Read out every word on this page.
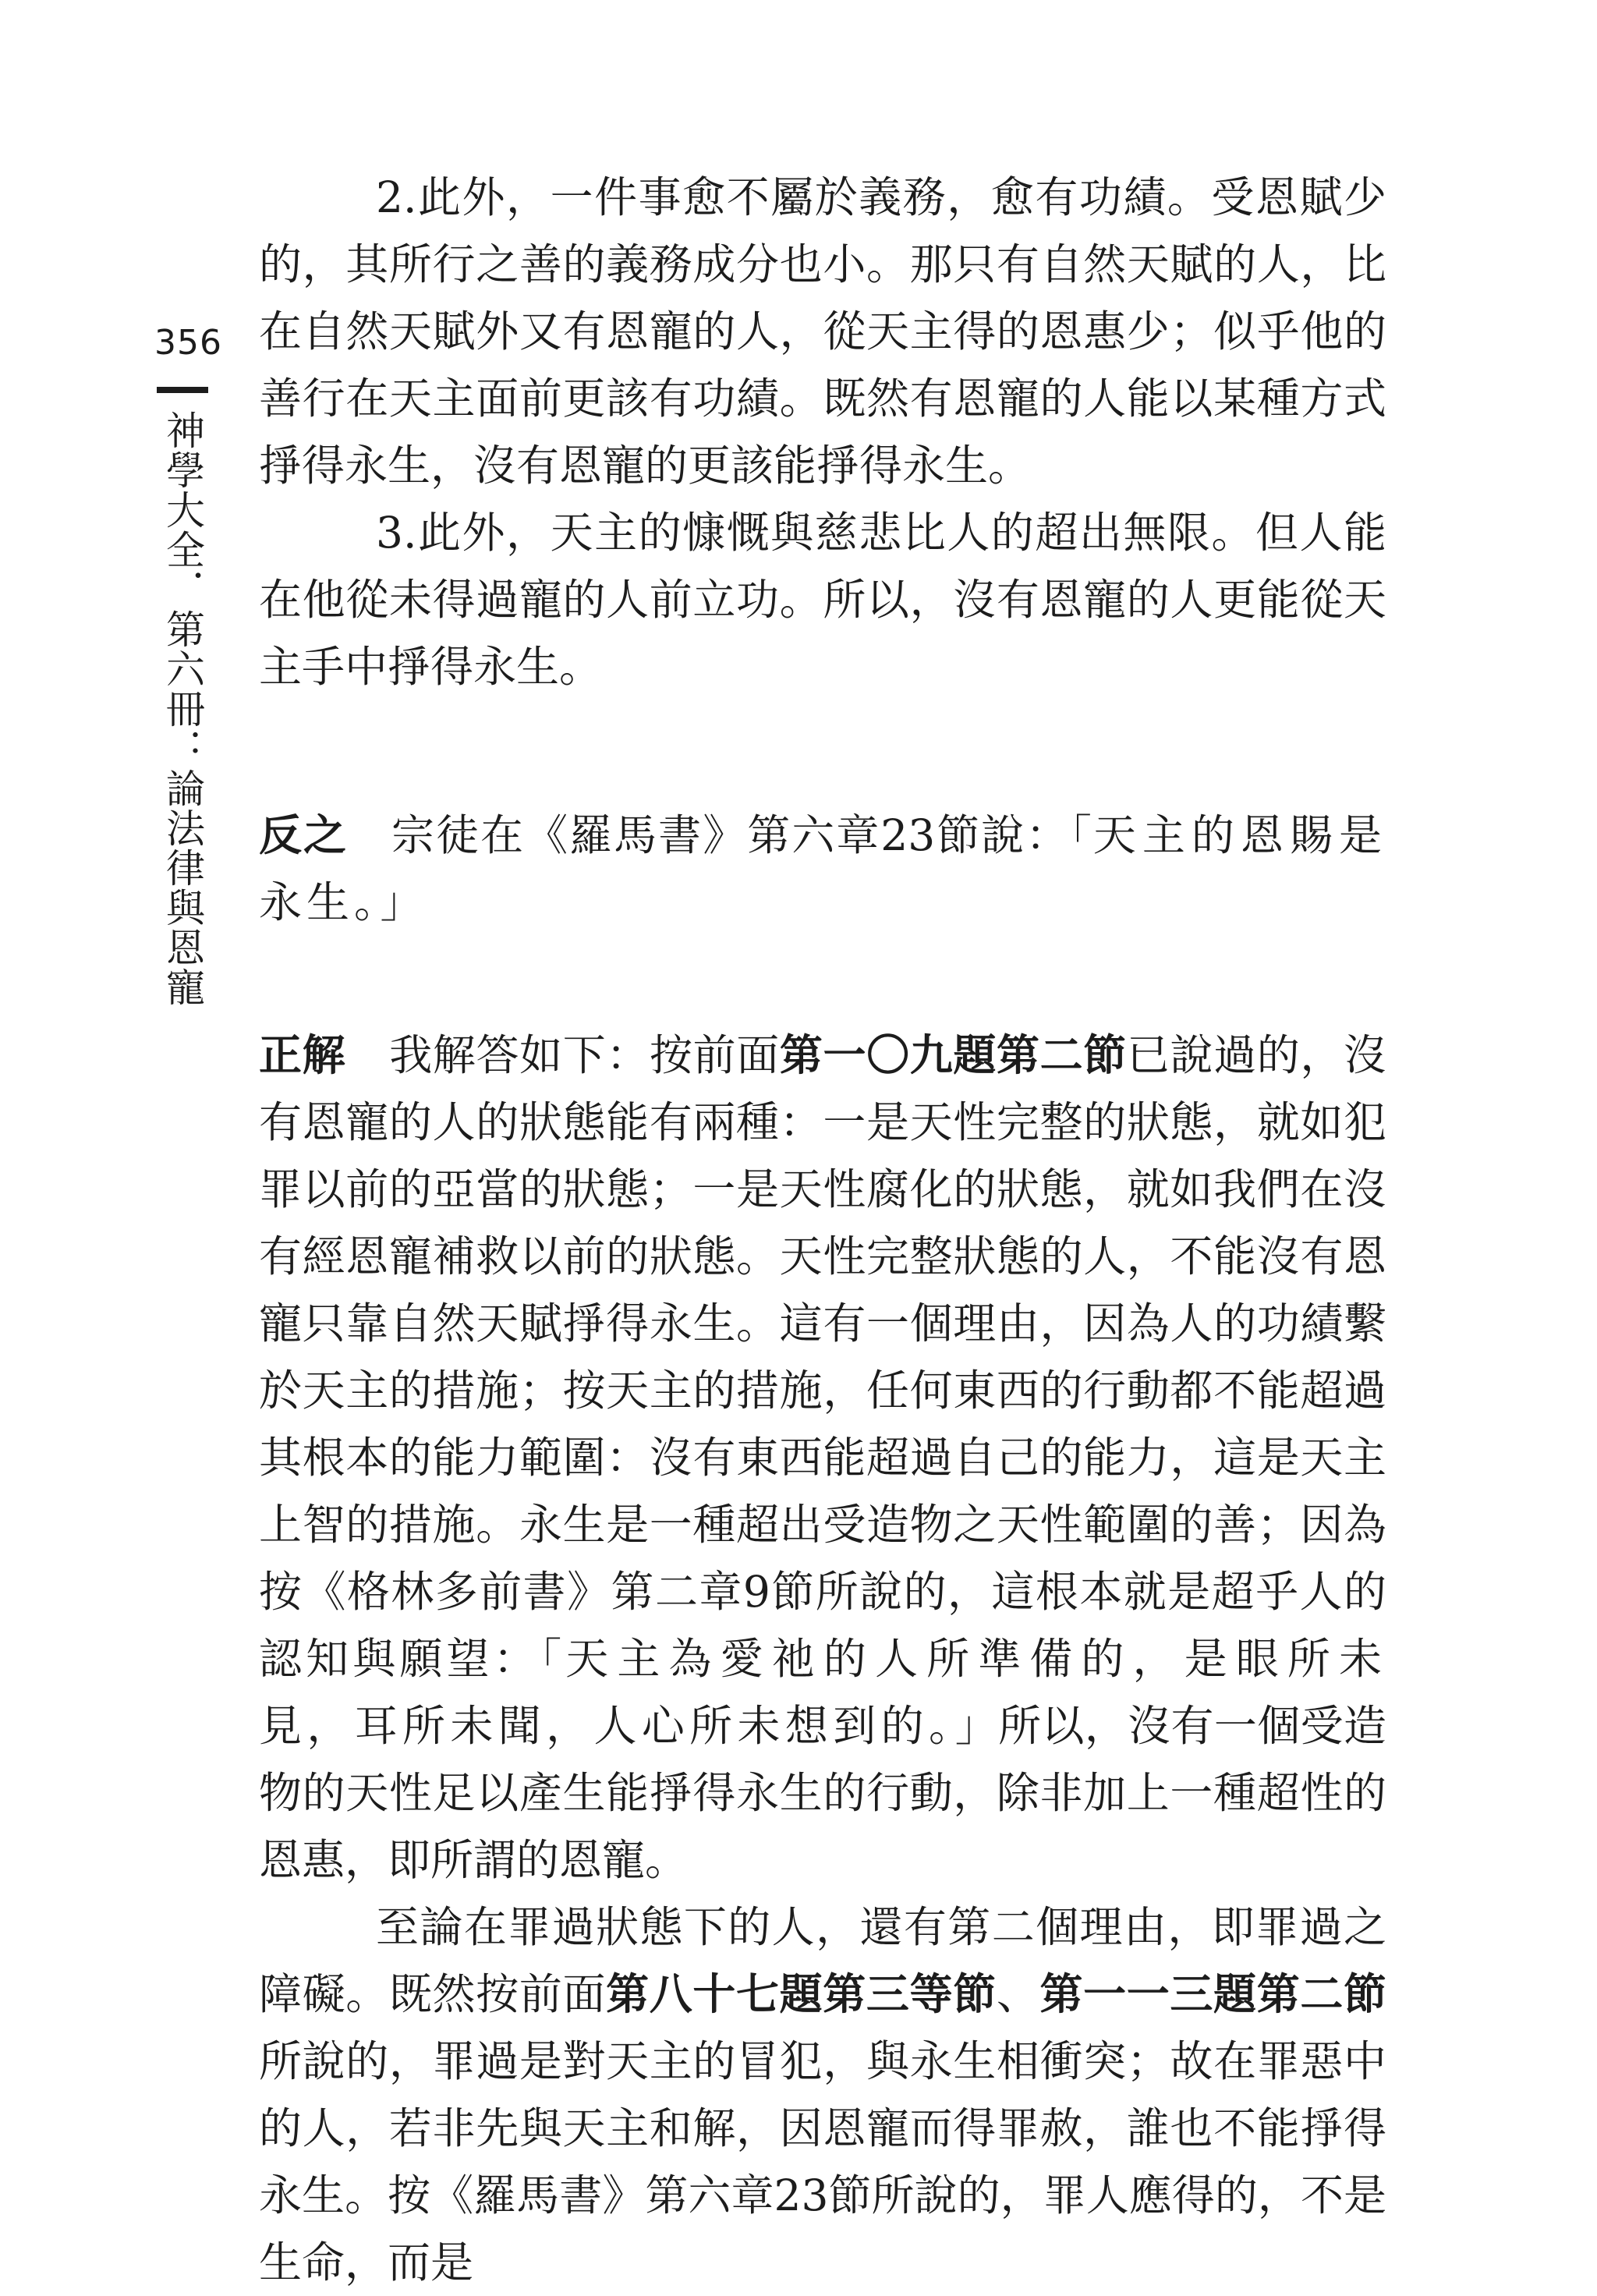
356
神學大全．第六冊：論法律與恩寵

2.此外，一件事愈不屬於義務，愈有功績。受恩賦少的，其所行之善的義務成分也小。那只有自然天賦的人，比在自然天賦外又有恩寵的人，從天主得的恩惠少；似乎他的善行在天主面前更該有功績。既然有恩寵的人能以某種方式掙得永生，沒有恩寵的更該能掙得永生。

3.此外，天主的慷慨與慈悲比人的超出無限。但人能在他從未得過寵的人前立功。所以，沒有恩寵的人更能從天主手中掙得永生。

反之 宗徒在《羅馬書》第六章23節說：「天主的恩賜是永生。」

正解 我解答如下：按前面第一〇九題第二節已說過的，沒有恩寵的人的狀態能有兩種：一是天性完整的狀態，就如犯罪以前的亞當的狀態；一是天性腐化的狀態，就如我們在沒有經恩寵補救以前的狀態。天性完整狀態的人，不能沒有恩寵只靠自然天賦掙得永生。這有一個理由，因為人的功績繫於天主的措施；按天主的措施，任何東西的行動都不能超過其根本的能力範圍：沒有東西能超過自己的能力，這是天主上智的措施。永生是一種超出受造物之天性範圍的善；因為按《格林多前書》第二章9節所說的，這根本就是超乎人的認知與願望：「天主為愛祂的人所準備的，是眼所未見，耳所未聞，人心所未想到的。」所以，沒有一個受造物的天性足以產生能掙得永生的行動，除非加上一種超性的恩惠，即所謂的恩寵。

至論在罪過狀態下的人，還有第二個理由，即罪過之障礙。既然按前面第八十七題第三等節、第一一三題第二節所說的，罪過是對天主的冒犯，與永生相衝突；故在罪惡中的人，若非先與天主和解，因恩寵而得罪赦，誰也不能掙得永生。按《羅馬書》第六章23節所說的，罪人應得的，不是生命，而是
